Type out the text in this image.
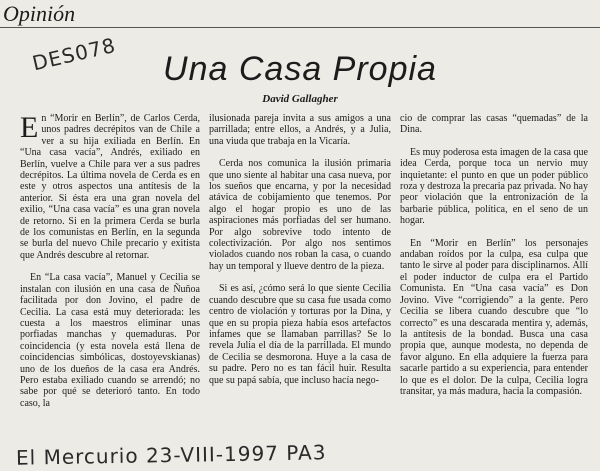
Opinión
DES078	Una Casa Propia
David Gallagher

En “Morir en Berlín”, de Carlos Cerda, unos padres decrépitos van de Chile a ver a su hija exiliada en Berlín. En “Una casa vacía”, Andrés, exiliado en Berlín, vuelve a Chile para ver a sus padres decrépitos. La última novela de Cerda es en este y otros aspectos una antítesis de la anterior. Si ésta era una gran novela del exilio, “Una casa vacía” es una gran novela de retorno. Si en la primera Cerda se burla de los comunistas en Berlín, en la segunda se burla del nuevo Chile precario y exitista que Andrés descubre al retornar.

En “La casa vacía”, Manuel y Cecilia se instalan con ilusión en una casa de Ñuñoa facilitada por don Jovino, el padre de Cecilia. La casa está muy deteriorada: les cuesta a los maestros eliminar unas porfiadas manchas y quemaduras. Por coincidencia (y esta novela está llena de coincidencias simbólicas, dostoyevskianas) uno de los dueños de la casa era Andrés. Pero estaba exiliado cuando se arrendó; no sabe por qué se deterioró tanto. En todo caso, la

ilusionada pareja invita a sus amigos a una parrillada; entre ellos, a Andrés, y a Julia, una viuda que trabaja en la Vicaría.

Cerda nos comunica la ilusión primaria que uno siente al habitar una casa nueva, por los sueños que encarna, y por la necesidad atávica de cobijamiento que tenemos. Por algo el hogar propio es uno de las aspiraciones más porfiadas del ser humano. Por algo sobrevive todo intento de colectivización. Por algo nos sentimos violados cuando nos roban la casa, o cuando hay un temporal y llueve dentro de la pieza.

Si es así, ¿cómo será lo que siente Cecilia cuando descubre que su casa fue usada como centro de violación y torturas por la Dina, y que en su propia pieza había esos artefactos infames que se llamaban parrillas? Se lo revela Julia el día de la parrillada. El mundo de Cecilia se desmorona. Huye a la casa de su padre. Pero no es tan fácil huir. Resulta que su papá sabía, que incluso hacía nego-

cio de comprar las casas “quemadas” de la Dina.

Es muy poderosa esta imagen de la casa que idea Cerda, porque toca un nervio muy inquietante: el punto en que un poder público roza y destroza la precaria paz privada. No hay peor violación que la entronización de la barbarie pública, política, en el seno de un hogar.

En “Morir en Berlín” los personajes andaban roídos por la culpa, esa culpa que tanto le sirve al poder para disciplinarnos. Allí el poder inductor de culpa era el Partido Comunista. En “Una casa vacía” es Don Jovino. Vive “corrigiendo” a la gente. Pero Cecilia se libera cuando descubre que “lo correcto” es una descarada mentira y, además, la antítesis de la bondad. Busca una casa propia que, aunque modesta, no dependa de favor alguno. En ella adquiere la fuerza para sacarle partido a su experiencia, para entender lo que es el dolor. De la culpa, Cecilia logra transitar, ya más madura, hacia la compasión.

El Mercurio 23-VIII-1997 PA3
